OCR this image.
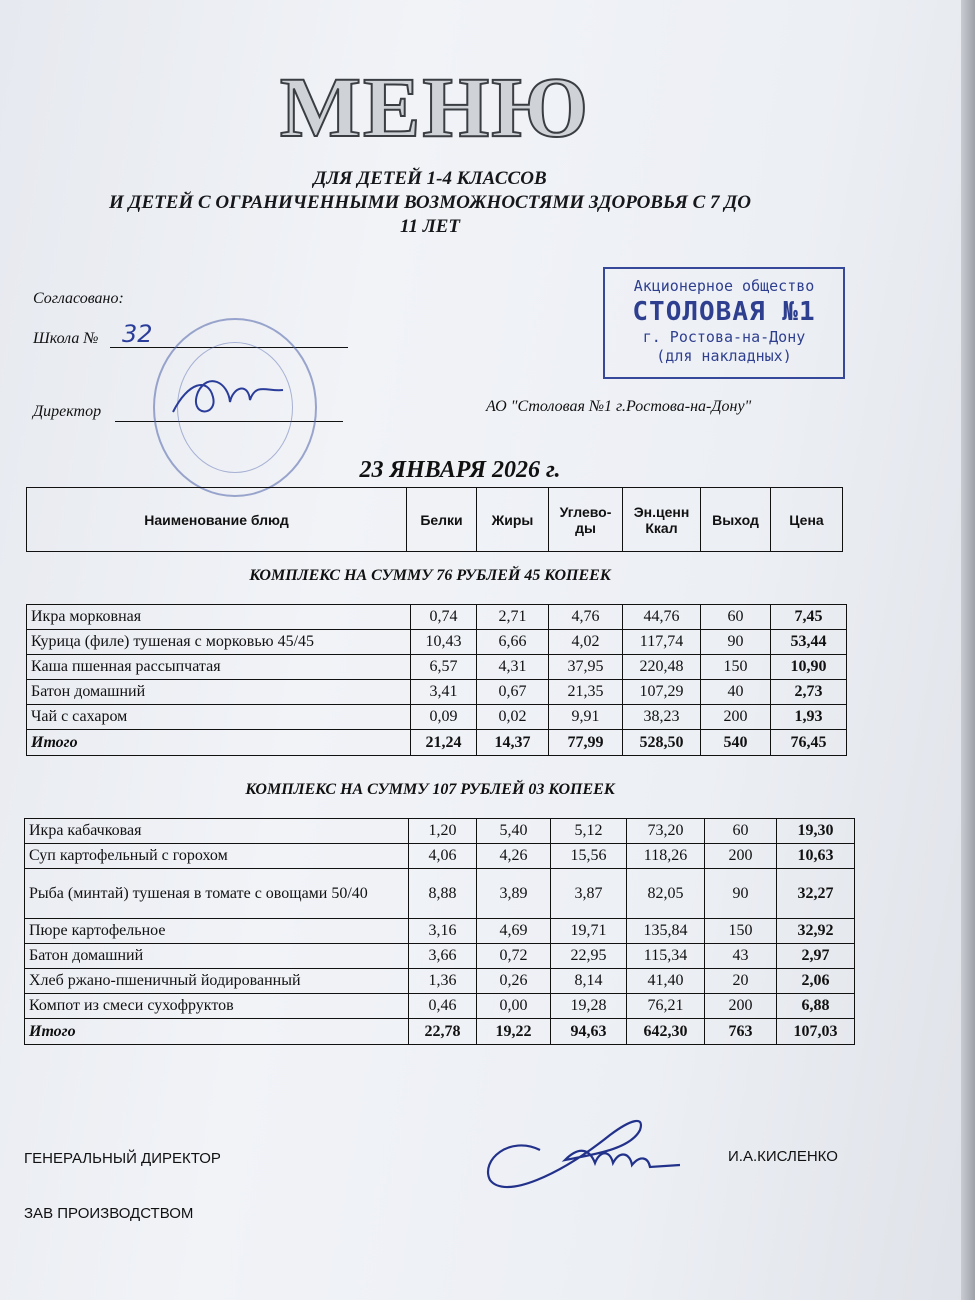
МЕНЮ
ДЛЯ ДЕТЕЙ 1-4 КЛАССОВ
И ДЕТЕЙ С ОГРАНИЧЕННЫМИ ВОЗМОЖНОСТЯМИ ЗДОРОВЬЯ С 7 ДО
11 ЛЕТ
Согласовано:
Школа № 32
Директор
Акционерное общество
СТОЛОВАЯ №1
г. Ростова-на-Дону
(для накладных)
АО "Столовая №1 г.Ростова-на-Дону"
23 ЯНВАРЯ 2026 г.
Наименование блюд	Белки	Жиры	Углево-ды	Эн.ценн Ккал	Выход	Цена
КОМПЛЕКС НА СУММУ 76 РУБЛЕЙ 45 КОПЕЕК
Икра морковная	0,74	2,71	4,76	44,76	60	7,45
Курица (филе) тушеная с морковью 45/45	10,43	6,66	4,02	117,74	90	53,44
Каша пшенная рассыпчатая	6,57	4,31	37,95	220,48	150	10,90
Батон домашний	3,41	0,67	21,35	107,29	40	2,73
Чай с сахаром	0,09	0,02	9,91	38,23	200	1,93
Итого	21,24	14,37	77,99	528,50	540	76,45
КОМПЛЕКС НА СУММУ 107 РУБЛЕЙ 03 КОПЕЕК
Икра кабачковая	1,20	5,40	5,12	73,20	60	19,30
Суп картофельный с горохом	4,06	4,26	15,56	118,26	200	10,63
Рыба (минтай) тушеная в томате с овощами 50/40	8,88	3,89	3,87	82,05	90	32,27
Пюре картофельное	3,16	4,69	19,71	135,84	150	32,92
Батон домашний	3,66	0,72	22,95	115,34	43	2,97
Хлеб ржано-пшеничный йодированный	1,36	0,26	8,14	41,40	20	2,06
Компот из смеси сухофруктов	0,46	0,00	19,28	76,21	200	6,88
Итого	22,78	19,22	94,63	642,30	763	107,03
ГЕНЕРАЛЬНЫЙ ДИРЕКТОР	И.А.КИСЛЕНКО
ЗАВ ПРОИЗВОДСТВОМ
